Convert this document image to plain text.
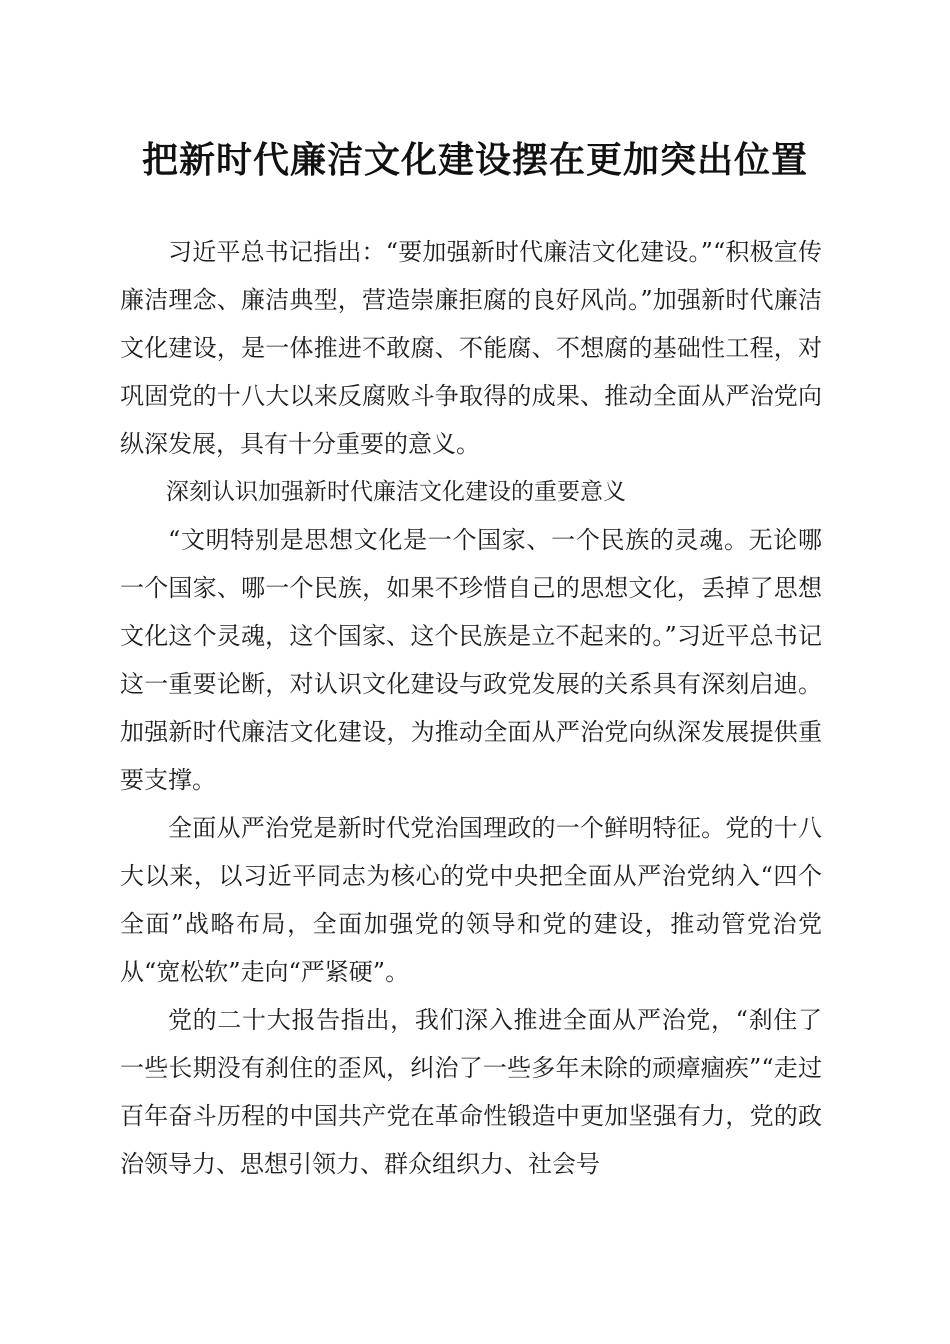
把新时代廉洁文化建设摆在更加突出位置

习近平总书记指出：“要加强新时代廉洁文化建设。”“积极宣传廉洁理念、廉洁典型，营造崇廉拒腐的良好风尚。”加强新时代廉洁文化建设，是一体推进不敢腐、不能腐、不想腐的基础性工程，对巩固党的十八大以来反腐败斗争取得的成果、推动全面从严治党向纵深发展，具有十分重要的意义。

深刻认识加强新时代廉洁文化建设的重要意义

“文明特别是思想文化是一个国家、一个民族的灵魂。无论哪一个国家、哪一个民族，如果不珍惜自己的思想文化，丢掉了思想文化这个灵魂，这个国家、这个民族是立不起来的。”习近平总书记这一重要论断，对认识文化建设与政党发展的关系具有深刻启迪。加强新时代廉洁文化建设，为推动全面从严治党向纵深发展提供重要支撑。

全面从严治党是新时代党治国理政的一个鲜明特征。党的十八大以来，以习近平同志为核心的党中央把全面从严治党纳入“四个全面”战略布局，全面加强党的领导和党的建设，推动管党治党从“宽松软”走向“严紧硬”。

党的二十大报告指出，我们深入推进全面从严治党，“刹住了一些长期没有刹住的歪风，纠治了一些多年未除的顽瘴痼疾”“走过百年奋斗历程的中国共产党在革命性锻造中更加坚强有力，党的政治领导力、思想引领力、群众组织力、社会号
